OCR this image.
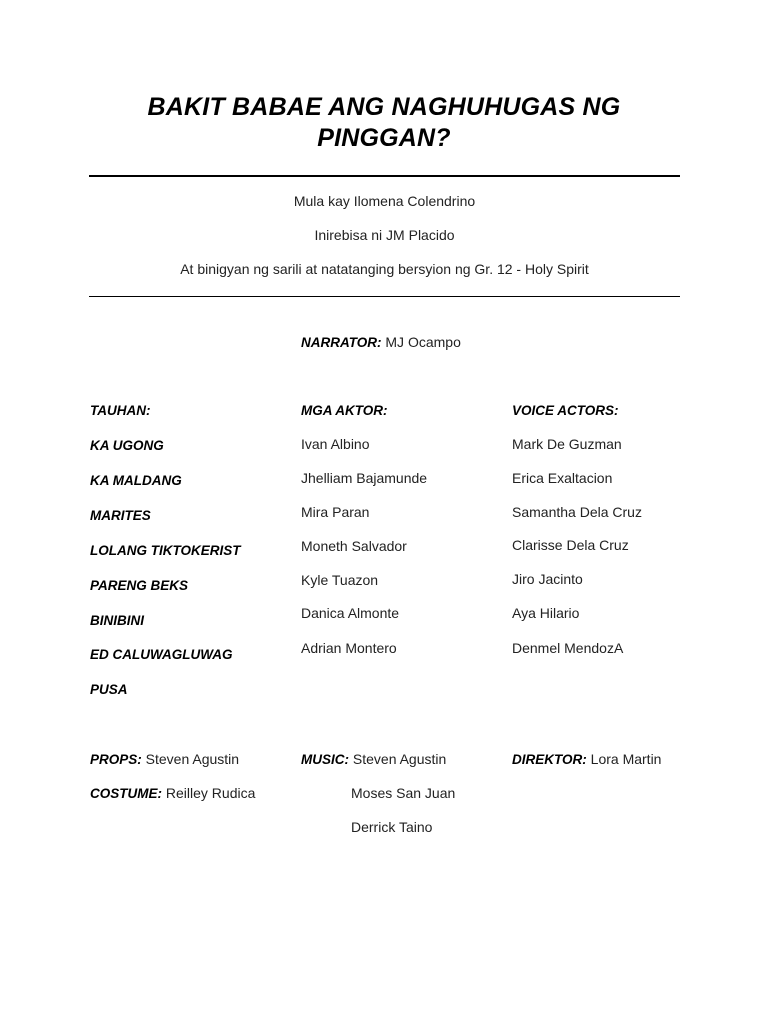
BAKIT BABAE ANG NAGHUHUGAS NG
PINGGAN?
Mula kay Ilomena Colendrino
Inirebisa ni JM Placido
At binigyan ng sarili at natatanging bersyion ng Gr. 12 - Holy Spirit
NARRATOR: MJ Ocampo
TAUHAN:	MGA AKTOR:	VOICE ACTORS:
KA UGONG
KA MALDANG
MARITES
LOLANG TIKTOKERIST
PARENG BEKS
BINIBINI
ED CALUWAGLUWAG
PUSA
Ivan Albino
Jhelliam Bajamunde
Mira Paran
Moneth Salvador
Kyle Tuazon
Danica Almonte
Adrian Montero
Mark De Guzman
Erica Exaltacion
Samantha Dela Cruz
Clarisse Dela Cruz
Jiro Jacinto
Aya Hilario
Denmel MendozA
PROPS: Steven Agustin
COSTUME: Reilley Rudica
MUSIC: Steven Agustin
Moses San Juan
Derrick Taino
DIREKTOR: Lora Martin
